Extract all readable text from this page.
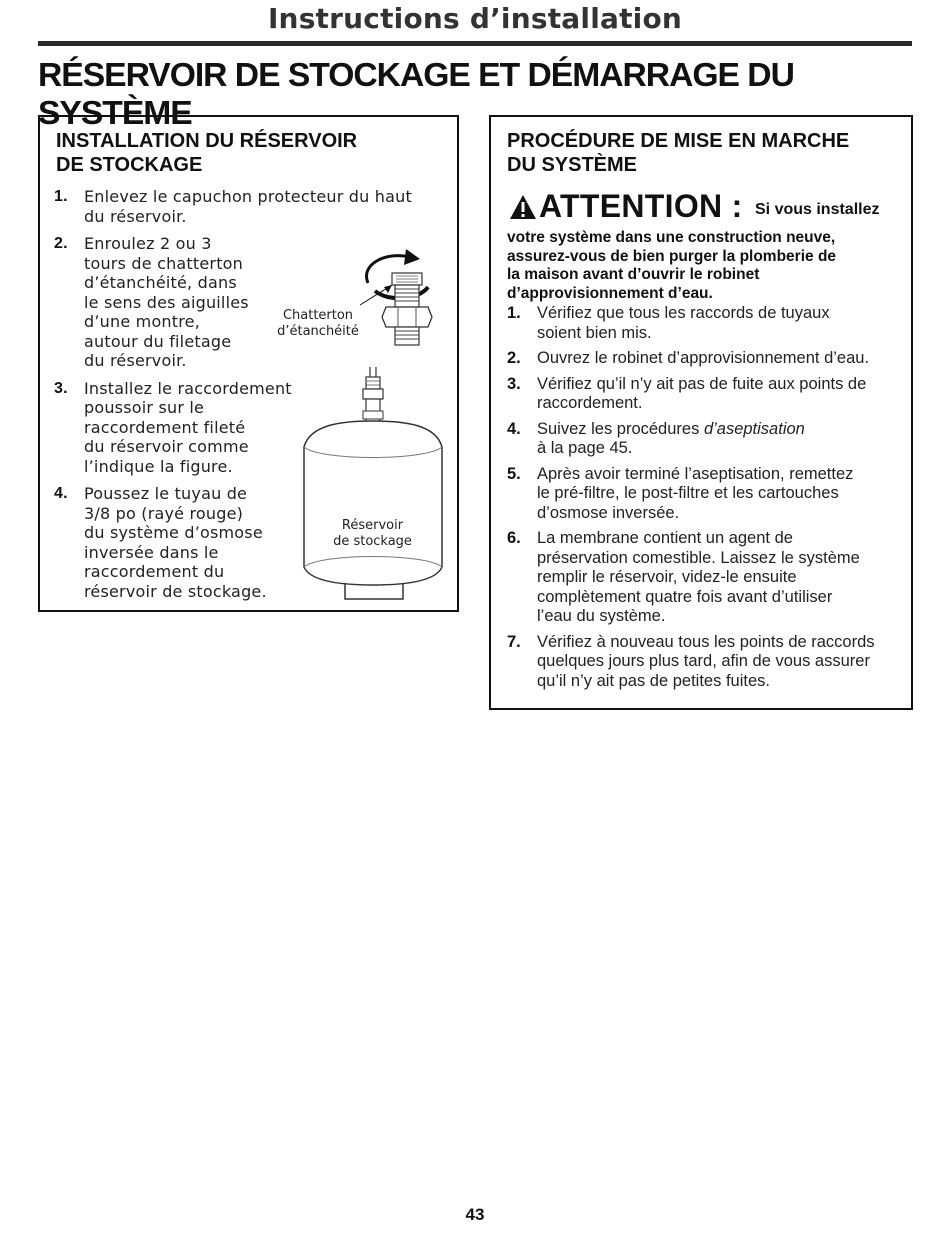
Instructions d’installation
RÉSERVOIR DE STOCKAGE ET DÉMARRAGE DU SYSTÈME
INSTALLATION DU RÉSERVOIR
DE STOCKAGE
1.	Enlevez le capuchon protecteur du haut
du réservoir.
2.	Enroulez 2 ou 3
tours de chatterton
d’étanchéité, dans
le sens des aiguilles
d’une montre,
autour du filetage
du réservoir.
3.	Installez le raccordement
poussoir sur le
raccordement fileté
du réservoir comme
l’indique la figure.
4.	Poussez le tuyau de
3/8 po (rayé rouge)
du système d’osmose
inversée dans le
raccordement du
réservoir de stockage.
Chatterton
d’étanchéité
Réservoir
de stockage
PROCÉDURE DE MISE EN MARCHE
DU SYSTÈME
ATTENTION : Si vous installez
votre système dans une construction neuve,
assurez-vous de bien purger la plomberie de
la maison avant d’ouvrir le robinet
d’approvisionnement d’eau.
1. Vérifiez que tous les raccords de tuyaux
soient bien mis.
2. Ouvrez le robinet d’approvisionnement d’eau.
3. Vérifiez qu’il n’y ait pas de fuite aux points de
raccordement.
4. Suivez les procédures d’aseptisation
à la page 45.
5. Après avoir terminé l’aseptisation, remettez
le pré-filtre, le post-filtre et les cartouches
d’osmose inversée.
6. La membrane contient un agent de
préservation comestible. Laissez le système
remplir le réservoir, videz-le ensuite
complètement quatre fois avant d’utiliser
l’eau du système.
7. Vérifiez à nouveau tous les points de raccords
quelques jours plus tard, afin de vous assurer
qu’il n’y ait pas de petites fuites.
43
